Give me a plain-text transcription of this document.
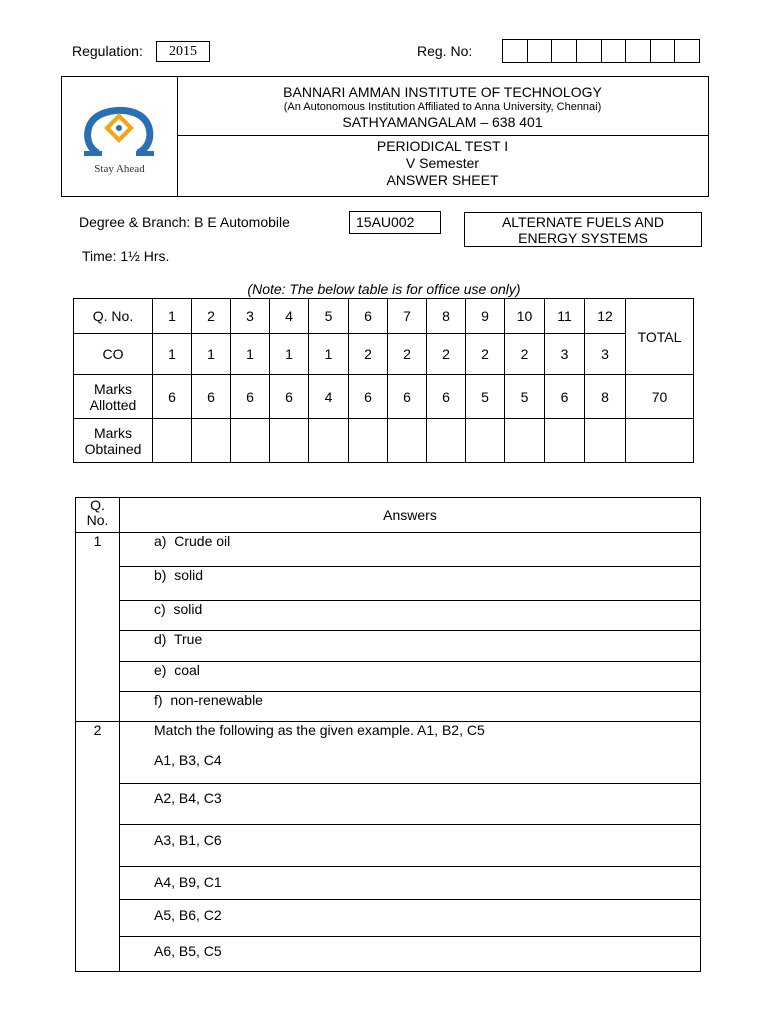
Regulation:	2015	Reg. No:
Stay Ahead
BANNARI AMMAN INSTITUTE OF TECHNOLOGY
(An Autonomous Institution Affiliated to Anna University, Chennai)
SATHYAMANGALAM – 638 401
PERIODICAL TEST I
V Semester
ANSWER SHEET
Degree & Branch: B E Automobile	15AU002	ALTERNATE FUELS AND
ENERGY SYSTEMS
Time: 1½ Hrs.
(Note: The below table is for office use only)
Q. No.	1	2	3	4	5	6	7	8	9	10	11	12	TOTAL
CO	1	1	1	1	1	2	2	2	2	2	3	3	

Marks
Allotted	6	6	6	6	4	6	6	6	5	5	6	8	70

Marks
Obtained													

Q.
No.	Answers
1	a) Crude oil
	b) solid
	c) solid
	d) True
	e) coal
	f) non-renewable
2	Match the following as the given example. A1, B2, C5
	A1, B3, C4
	A2, B4, C3
	A3, B1, C6
	A4, B9, C1
	A5, B6, C2
	A6, B5, C5
